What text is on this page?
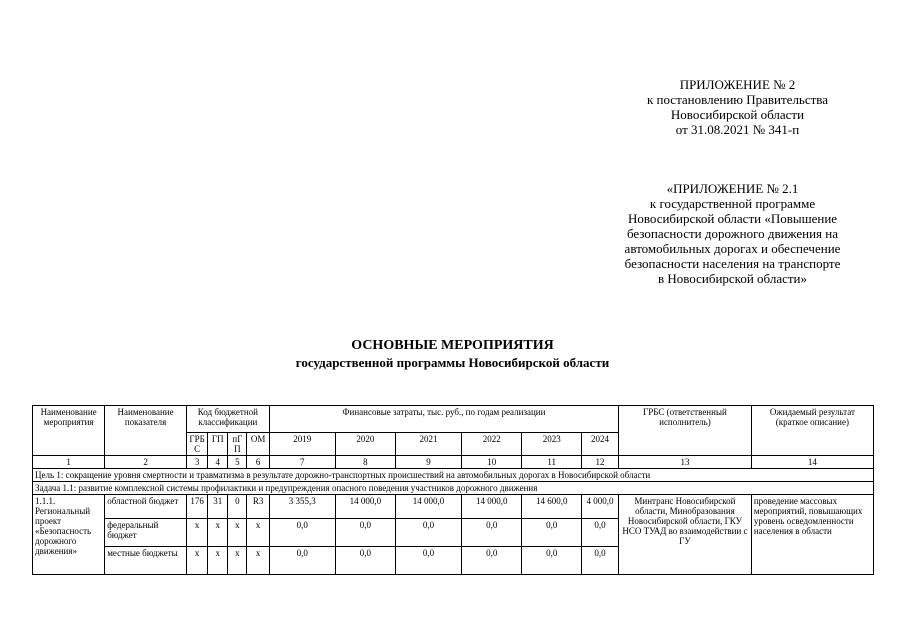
ПРИЛОЖЕНИЕ № 2
к постановлению Правительства
Новосибирской области
от 31.08.2021 № 341-п
«ПРИЛОЖЕНИЕ № 2.1
к государственной программе
Новосибирской области «Повышение
безопасности дорожного движения на
автомобильных дорогах и обеспечение
безопасности населения на транспорте
в Новосибирской области»
ОСНОВНЫЕ МЕРОПРИЯТИЯ
государственной программы Новосибирской области
Наименование мероприятия	Наименование показателя	Код бюджетной классификации				Финансовые затраты, тыс. руб., по годам реализации						ГРБС (ответственный исполнитель)	Ожидаемый результат (краткое описание)
		ГРБС	ГП	пГП	ОМ	2019	2020	2021	2022	2023	2024		
1	2	3	4	5	6	7	8	9	10	11	12	13	14
Цель 1: сокращение уровня смертности и травматизма в результате дорожно-транспортных происшествий на автомобильных дорогах в Новосибирской области													
Задача 1.1: развитие комплексной системы профилактики и предупреждения опасного поведения участников дорожного движения													
1.1.1. Региональный проект «Безопасность дорожного движения»	областной бюджет	176	31	0	R3	3 355,3	14 000,0	14 000,0	14 000,0	14 600,0	4 000,0	Минтранс Новосибирской области, Минобразования Новосибирской области, ГКУ НСО ТУАД во взаимодействии с ГУ	проведение массовых мероприятий, повышающих уровень осведомленности населения в области
	федеральный бюджет	х	х	х	х	0,0	0,0	0,0	0,0	0,0	0,0		
	местные бюджеты	х	х	х	х	0,0	0,0	0,0	0,0	0,0	0,0		
